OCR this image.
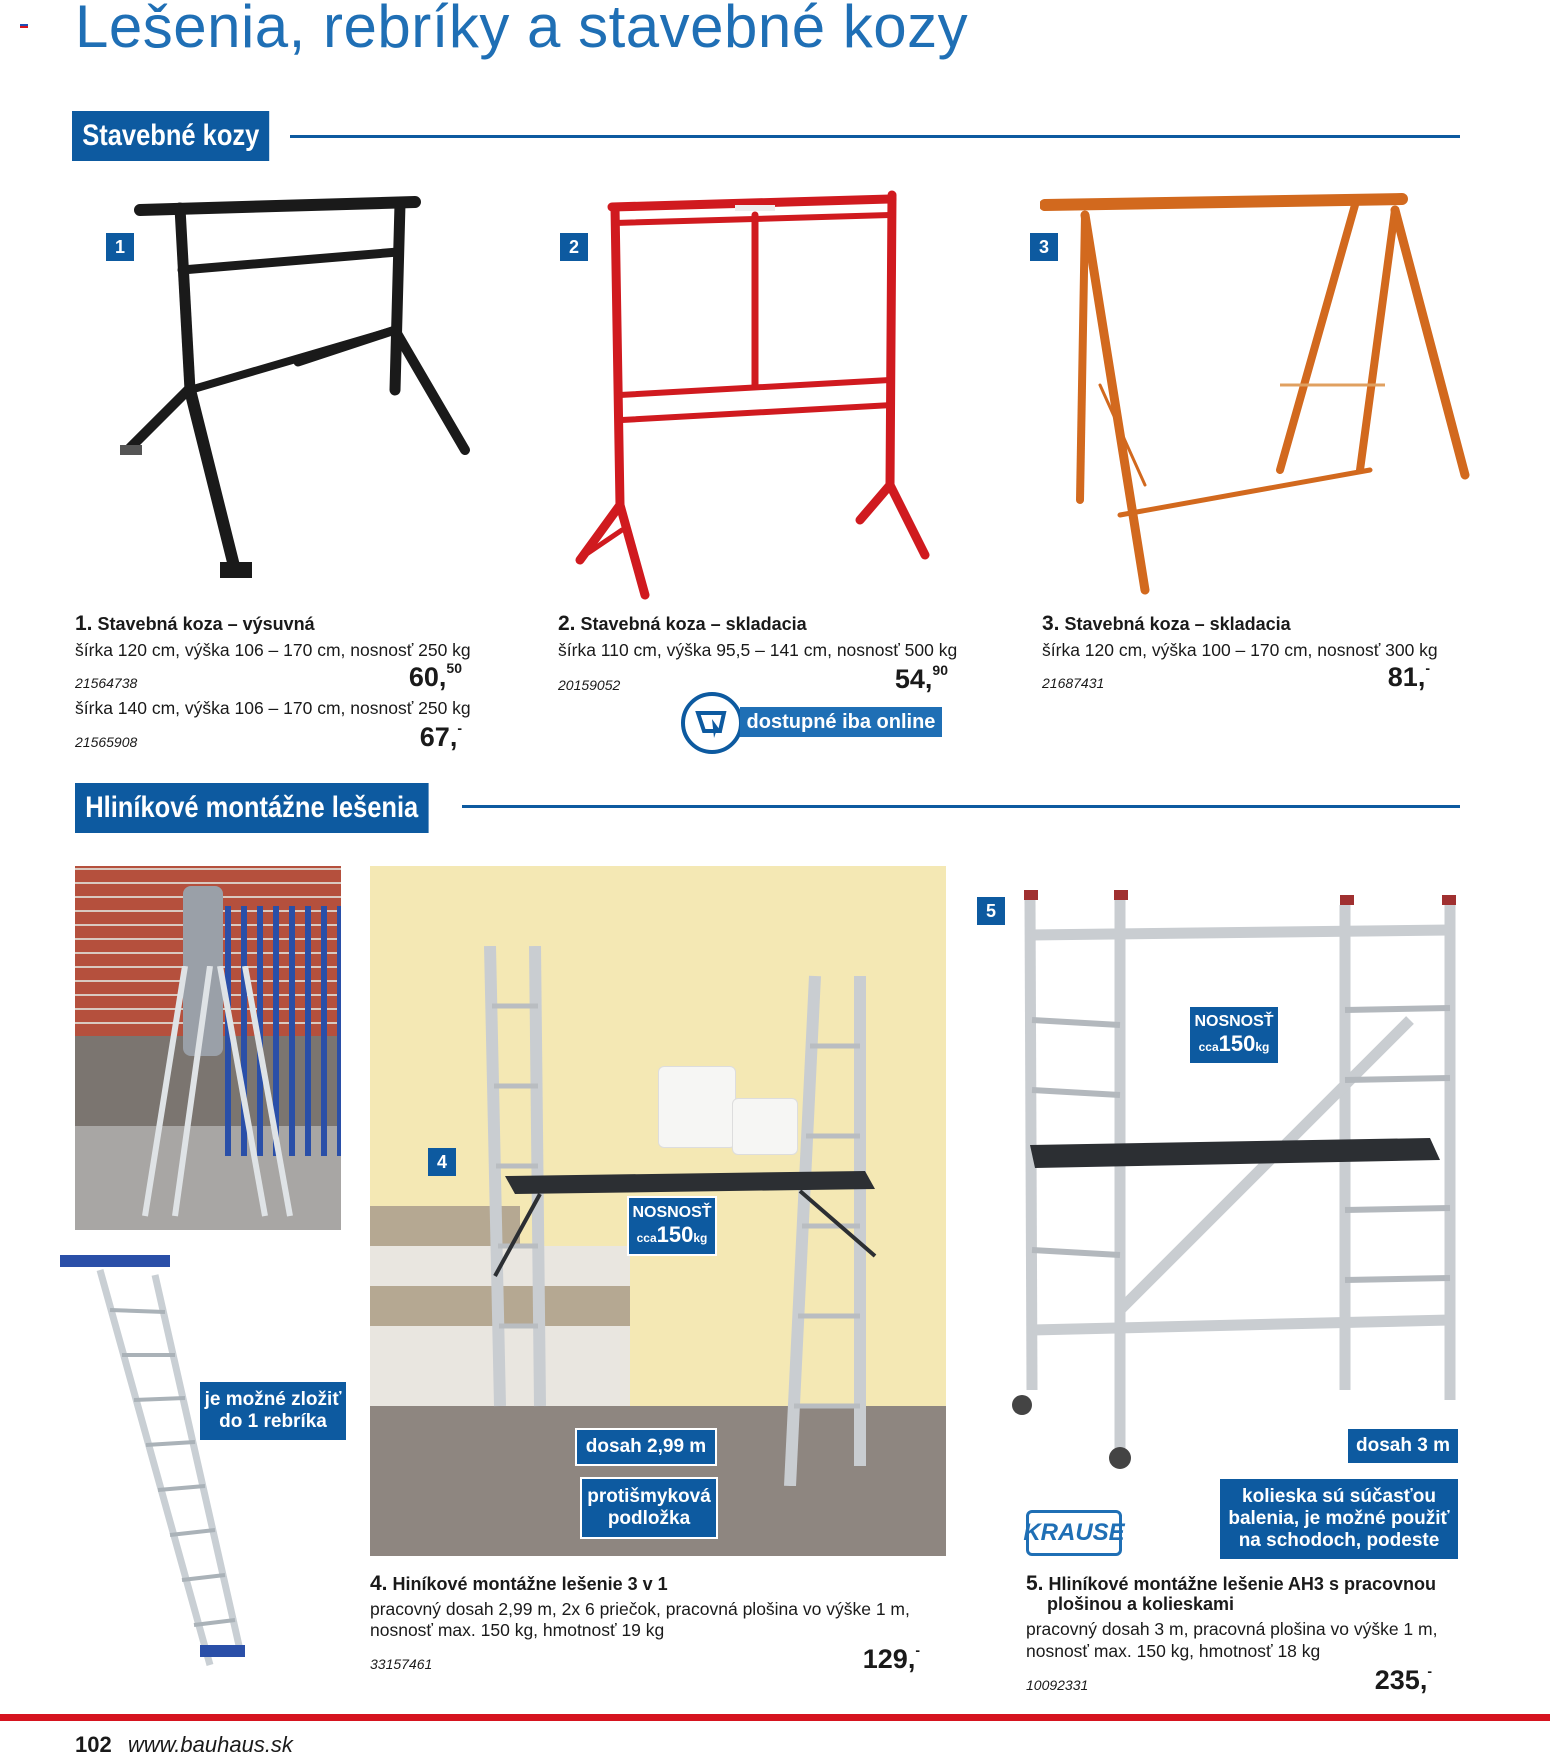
Lešenia, rebríky a stavebné kozy
Stavebné kozy
1	2	3
1. Stavebná koza – výsuvná
šírka 120 cm, výška 106 – 170 cm, nosnosť 250 kg
21564738	60,50
šírka 140 cm, výška 106 – 170 cm, nosnosť 250 kg
21565908	67,-
2. Stavebná koza – skladacia
šírka 110 cm, výška 95,5 – 141 cm, nosnosť 500 kg
20159052	54,90
dostupné iba online
3. Stavebná koza – skladacia
šírka 120 cm, výška 100 – 170 cm, nosnosť 300 kg
21687431	81,-
Hliníkové montážne lešenia
je možné zložiť
do 1 rebríka
4
NOSNOSŤ
cca150kg
dosah 2,99 m
protišmyková
podložka
5
NOSNOSŤ
cca150kg
dosah 3 m
KRAUSE
kolieska sú súčasťou
balenia, je možné použiť
na schodoch, podeste
4. Hiníkové montážne lešenie 3 v 1
pracovný dosah 2,99 m, 2x 6 priečok, pracovná plošina vo výške 1 m,
nosnosť max. 150 kg, hmotnosť 19 kg
33157461	129,-
5. Hliníkové montážne lešenie AH3 s pracovnou
plošinou a kolieskami
pracovný dosah 3 m, pracovná plošina vo výške 1 m,
nosnosť max. 150 kg, hmotnosť 18 kg
10092331	235,-
102 www.bauhaus.sk
